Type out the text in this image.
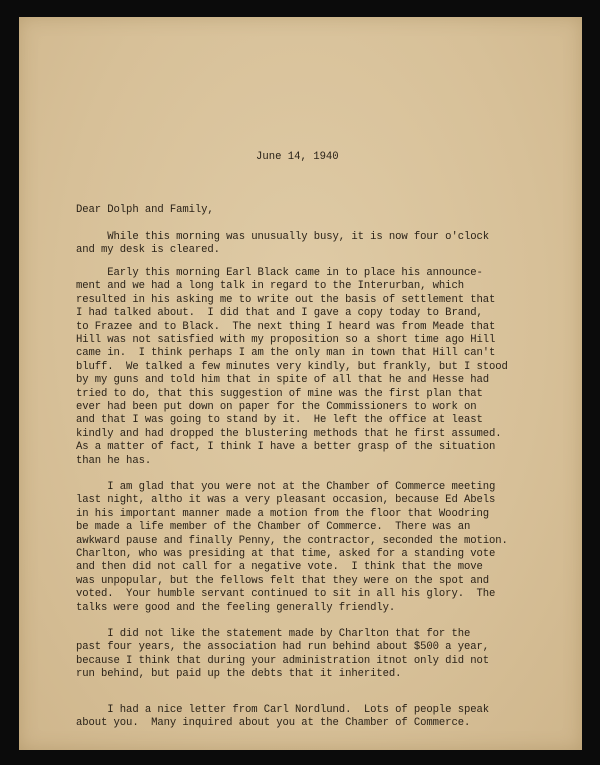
June 14, 1940

Dear Dolph and Family,

While this morning was unusually busy, it is now four o'clock
and my desk is cleared.
Early this morning Earl Black came in to place his announce-
ment and we had a long talk in regard to the Interurban, which
resulted in his asking me to write out the basis of settlement that
I had talked about.  I did that and I gave a copy today to Brand,
to Frazee and to Black.  The next thing I heard was from Meade that
Hill was not satisfied with my proposition so a short time ago Hill
came in.  I think perhaps I am the only man in town that Hill can't
bluff.  We talked a few minutes very kindly, but frankly, but I stood
by my guns and told him that in spite of all that he and Hesse had
tried to do, that this suggestion of mine was the first plan that
ever had been put down on paper for the Commissioners to work on
and that I was going to stand by it.  He left the office at least
kindly and had dropped the blustering methods that he first assumed.
As a matter of fact, I think I have a better grasp of the situation
than he has.
I am glad that you were not at the Chamber of Commerce meeting
last night, altho it was a very pleasant occasion, because Ed Abels
in his important manner made a motion from the floor that Woodring
be made a life member of the Chamber of Commerce.  There was an
awkward pause and finally Penny, the contractor, seconded the motion.
Charlton, who was presiding at that time, asked for a standing vote
and then did not call for a negative vote.  I think that the move
was unpopular, but the fellows felt that they were on the spot and
voted.  Your humble servant continued to sit in all his glory.  The
talks were good and the feeling generally friendly.
I did not like the statement made by Charlton that for the
past four years, the association had run behind about $500 a year,
because I think that during your administration itnot only did not
run behind, but paid up the debts that it inherited.
I had a nice letter from Carl Nordlund.  Lots of people speak
about you.  Many inquired about you at the Chamber of Commerce.
